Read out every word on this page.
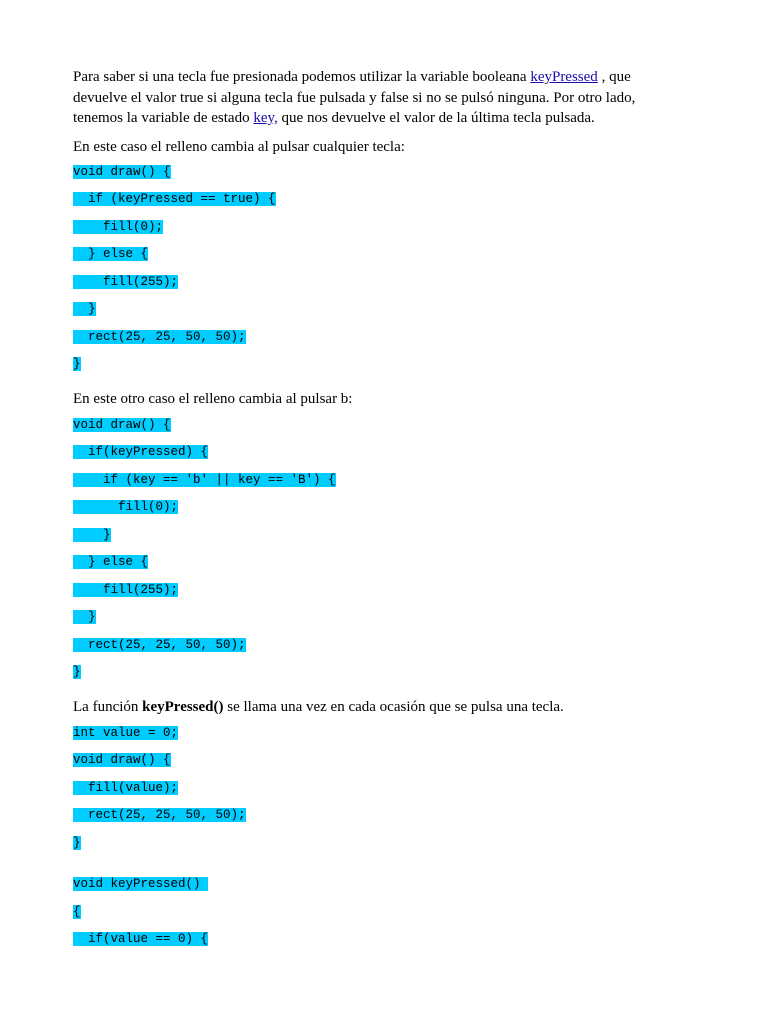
Para saber si una tecla fue presionada podemos utilizar la variable booleana keyPressed , que devuelve el valor true si alguna tecla fue pulsada y false si no se pulsó ninguna. Por otro lado, tenemos la variable de estado key, que nos devuelve el valor de la última tecla pulsada.

En este caso el relleno cambia al pulsar cualquier tecla:

void draw() {
if (keyPressed == true) {
fill(0);
} else {
fill(255);
}
rect(25, 25, 50, 50);
}

En este otro caso el relleno cambia al pulsar b:

void draw() {
if(keyPressed) {
if (key == 'b' || key == 'B') {
fill(0);
}
} else {
fill(255);
}
rect(25, 25, 50, 50);
}

La función keyPressed() se llama una vez en cada ocasión que se pulsa una tecla.

int value = 0;
void draw() {
fill(value);
rect(25, 25, 50, 50);
}
void keyPressed()
{
if(value == 0) {
